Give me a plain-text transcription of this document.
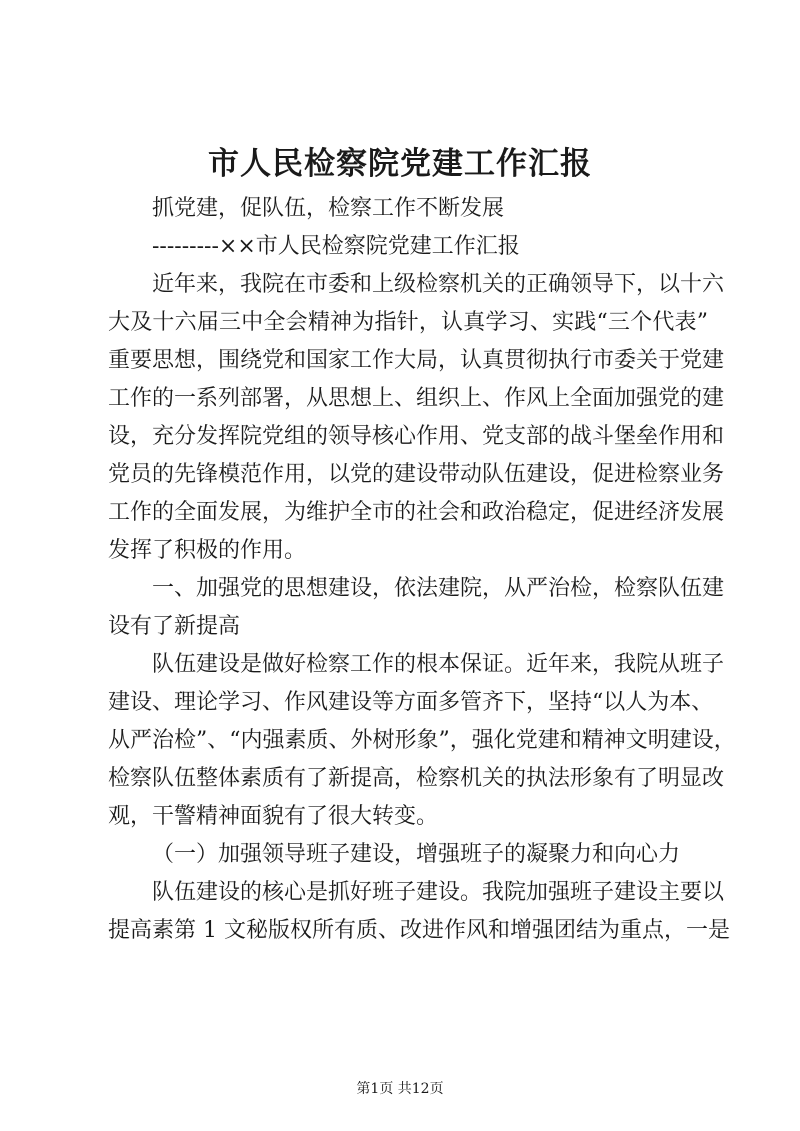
市人民检察院党建工作汇报
抓党建，促队伍，检察工作不断发展
---------××市人民检察院党建工作汇报
近年来，我院在市委和上级检察机关的正确领导下，以十六
大及十六届三中全会精神为指针，认真学习、实践“三个代表”
重要思想，围绕党和国家工作大局，认真贯彻执行市委关于党建
工作的一系列部署，从思想上、组织上、作风上全面加强党的建
设，充分发挥院党组的领导核心作用、党支部的战斗堡垒作用和
党员的先锋模范作用，以党的建设带动队伍建设，促进检察业务
工作的全面发展，为维护全市的社会和政治稳定，促进经济发展
发挥了积极的作用。
一、加强党的思想建设，依法建院，从严治检，检察队伍建
设有了新提高
队伍建设是做好检察工作的根本保证。近年来，我院从班子
建设、理论学习、作风建设等方面多管齐下，坚持“以人为本、
从严治检”、“内强素质、外树形象”，强化党建和精神文明建设，
检察队伍整体素质有了新提高，检察机关的执法形象有了明显改
观，干警精神面貌有了很大转变。
（一）加强领导班子建设，增强班子的凝聚力和向心力
队伍建设的核心是抓好班子建设。我院加强班子建设主要以
提高素第 1 文秘版权所有质、改进作风和增强团结为重点，一是
第1页 共12页
